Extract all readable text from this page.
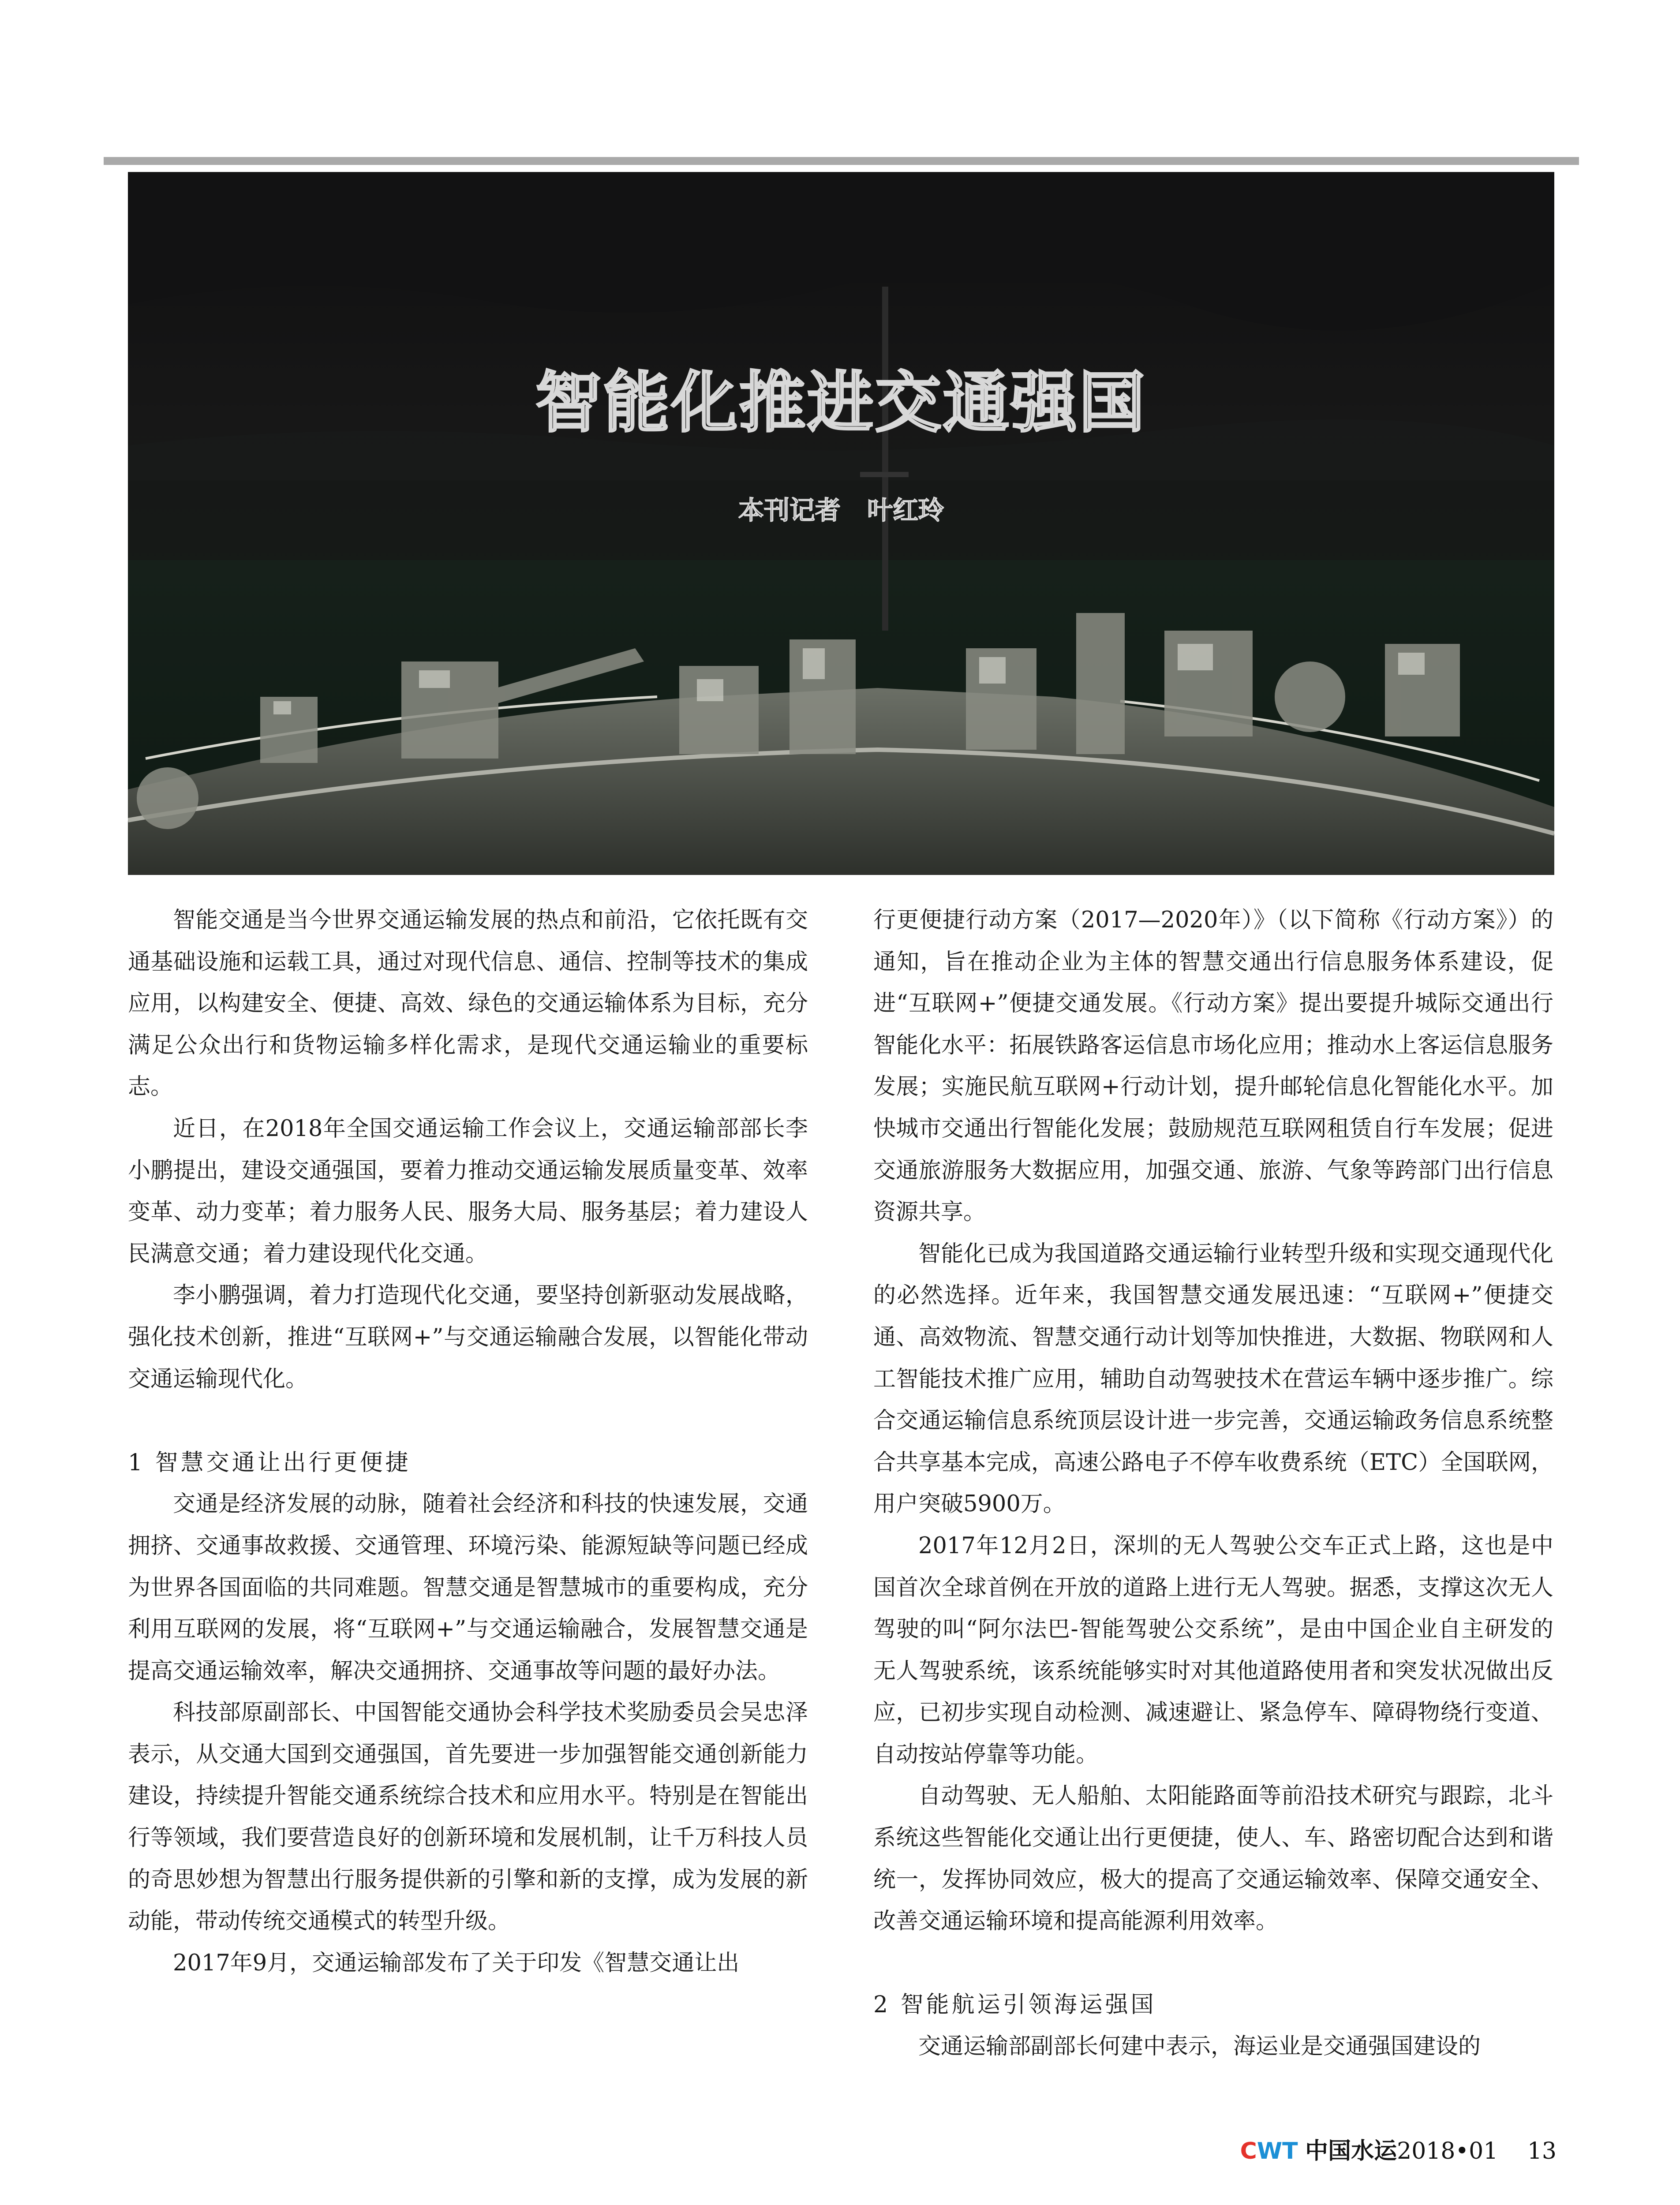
智能化推进交通强国
本刊记者 叶红玲

智能交通是当今世界交通运输发展的热点和前沿，它依托既有交通基础设施和运载工具，通过对现代信息、通信、控制等技术的集成应用，以构建安全、便捷、高效、绿色的交通运输体系为目标，充分满足公众出行和货物运输多样化需求，是现代交通运输业的重要标志。

近日，在2018年全国交通运输工作会议上，交通运输部部长李小鹏提出，建设交通强国，要着力推动交通运输发展质量变革、效率变革、动力变革；着力服务人民、服务大局、服务基层；着力建设人民满意交通；着力建设现代化交通。

李小鹏强调，着力打造现代化交通，要坚持创新驱动发展战略，强化技术创新，推进“互联网+”与交通运输融合发展，以智能化带动交通运输现代化。

1 智慧交通让出行更便捷

交通是经济发展的动脉，随着社会经济和科技的快速发展，交通拥挤、交通事故救援、交通管理、环境污染、能源短缺等问题已经成为世界各国面临的共同难题。智慧交通是智慧城市的重要构成，充分利用互联网的发展，将“互联网+”与交通运输融合，发展智慧交通是提高交通运输效率，解决交通拥挤、交通事故等问题的最好办法。

科技部原副部长、中国智能交通协会科学技术奖励委员会吴忠泽表示，从交通大国到交通强国，首先要进一步加强智能交通创新能力建设，持续提升智能交通系统综合技术和应用水平。特别是在智能出行等领域，我们要营造良好的创新环境和发展机制，让千万科技人员的奇思妙想为智慧出行服务提供新的引擎和新的支撑，成为发展的新动能，带动传统交通模式的转型升级。

2017年9月，交通运输部发布了关于印发《智慧交通让出

行更便捷行动方案（2017—2020年）》（以下简称《行动方案》）的通知，旨在推动企业为主体的智慧交通出行信息服务体系建设，促进“互联网+”便捷交通发展。《行动方案》提出要提升城际交通出行智能化水平：拓展铁路客运信息市场化应用；推动水上客运信息服务发展；实施民航互联网+行动计划，提升邮轮信息化智能化水平。加快城市交通出行智能化发展；鼓励规范互联网租赁自行车发展；促进交通旅游服务大数据应用，加强交通、旅游、气象等跨部门出行信息资源共享。

智能化已成为我国道路交通运输行业转型升级和实现交通现代化的必然选择。近年来，我国智慧交通发展迅速：“互联网+”便捷交通、高效物流、智慧交通行动计划等加快推进，大数据、物联网和人工智能技术推广应用，辅助自动驾驶技术在营运车辆中逐步推广。综合交通运输信息系统顶层设计进一步完善，交通运输政务信息系统整合共享基本完成，高速公路电子不停车收费系统（ETC）全国联网，用户突破5900万。

2017年12月2日，深圳的无人驾驶公交车正式上路，这也是中国首次全球首例在开放的道路上进行无人驾驶。据悉，支撑这次无人驾驶的叫“阿尔法巴-智能驾驶公交系统”，是由中国企业自主研发的无人驾驶系统，该系统能够实时对其他道路使用者和突发状况做出反应，已初步实现自动检测、减速避让、紧急停车、障碍物绕行变道、自动按站停靠等功能。

自动驾驶、无人船舶、太阳能路面等前沿技术研究与跟踪，北斗系统这些智能化交通让出行更便捷，使人、车、路密切配合达到和谐统一，发挥协同效应，极大的提高了交通运输效率、保障交通安全、改善交通运输环境和提高能源利用效率。

2 智能航运引领海运强国

交通运输部副部长何建中表示，海运业是交通强国建设的

CWT 中国水运2018•01 13
